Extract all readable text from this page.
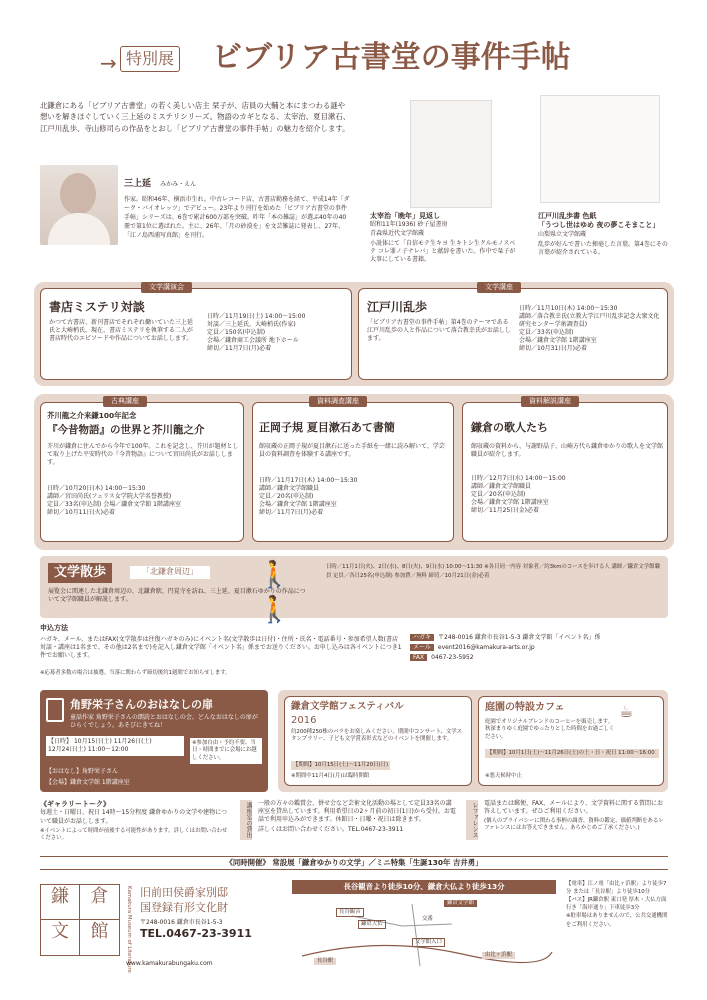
→ 特別展 ビブリア古書堂の事件手帖
北鎌倉にある「ビブリア古書堂」の若く美しい店主 栞子が、店員の大輔と本にまつわる謎や想いを解きほぐしていく三上延のミステリシリーズ。物語のカギとなる、太宰治、夏目漱石、江戸川乱歩、寺山修司らの作品をとおし「ビブリア古書堂の事件手帖」の魅力を紹介します。
三上延 みかみ・えん
作家。昭和46年、横浜市生れ。中古レコード店、古書店勤務を経て、平成14年「ダーク・バイオレッツ」でデビュー。23年より刊行を始めた「ビブリア古書堂の事件手帖」シリーズは、6巻で累計600万部を突破。昨年「本の雑誌」が選ぶ40年の40冊で第1位に選ばれた。主に、26年、「月の砂漠を」を文芸雑誌に発表し、27年、「江ノ島西浦写真館」を刊行。
太宰治「晩年」見返し
昭和11年(1936) 砂子屋書房
青森県近代文学館蔵
小説体にて「自信モテ生キヨ 生キトシ生クルモノスベテ コレ罪ノ子ナレバ」と献辞を書いた。作中で栞子が大事にしている書籍。
江戸川乱歩書 色紙
「うつし世はゆめ 夜の夢こそまこと」
山梨県立文学館蔵
乱歩が好んで書いた揮毫した言葉。第4巻にその言葉が紹介されている。
文学講演会
書店ミステリ対談
かつて古書店、新刊書店でそれぞれ働いていた三上延氏と大崎梢氏。現在、書店ミステリを執筆する二人が書店時代のエピソードや作品についてお話しします。
日時／11月19日(土) 14:00〜15:00
対談／三上延氏、大崎梢氏(作家)
定員／150名(申込制)
会場／鎌倉商工会議所 地下ホール
締切／11月7日(月)必着
文学講座
江戸川乱歩
「ビブリア古書堂の事件手帖」第4巻のテーマである江戸川乱歩の人と作品について落合教幸氏がお話しします。
日時／11月10日(木) 14:00〜15:30
講師／落合教幸氏(立教大学江戸川乱歩記念大衆文化研究センター学術調査員)
定員／33名(申込制)
会場／鎌倉文学館 1階講座室
締切／10月31日(月)必着
古典講座
芥川龍之介来鎌100年記念
『今昔物語』の世界と芥川龍之介
芥川が鎌倉に住んでから今年で100年。これを記念し、芥川が題材として取り上げた平安時代の『今昔物語』について宮田尚氏がお話しします。
日時／10月20日(木) 14:00〜15:30
講師／宮田尚氏(フェリス女学院大学名誉教授)
定員／33名(申込制) 会場／鎌倉文学館 1階講座室
締切／10月11日(火)必着
資料調査講座
正岡子規 夏目漱石あて書簡
館収蔵の正岡子規が夏目漱石に送った手紙を一緒に読み解いて、学芸員の資料調査を体験する講座です。
日時／11月17日(木) 14:00〜15:30
講師／鎌倉文学館職員
定員／20名(申込制)
会場／鎌倉文学館 1階講座室
締切／11月7日(月)必着
資料解説講座
鎌倉の歌人たち
館収蔵の資料から、与謝野晶子、山崎方代ら鎌倉ゆかりの歌人を文学館職員が紹介します。
日時／12月7日(水) 14:00〜15:00
講師／鎌倉文学館職員
定員／20名(申込制)
会場／鎌倉文学館 1階講座室
締切／11月25日(金)必着
文学散歩	「北鎌倉周辺」	🚶🚶
展覧会に関連した北鎌倉周辺の、北鎌倉駅、円覚寺を訪ね、三上延、夏目漱石ゆかりの作品について文学館職員が解説します。
日時／11月1日(火)、2日(水)、8日(火)、9日(水) 10:00〜11:30 ※各日同一内容 対象者／約3kmのコースを歩ける人 講師／鎌倉文学館職員 定員／各日25名(申込制) 参加費／無料 締切／10月21日(金)必着
申込方法
ハガキ、メール、またはFAX(文学散歩は往復ハガキのみ)にイベント名(文学散歩は日付)・住所・氏名・電話番号・参加希望人数(書店対談・講座は1名まで、その他は2名まで)を記入し鎌倉文学館「イベント名」係までお送りください。お申し込みは各イベントにつき1件でお願いします。
※応募者多数の場合は抽選。当落に関わらず締切後約1週間でお知らせします。
ハガキ 〒248-0016 鎌倉市長谷1-5-3 鎌倉文学館「イベント名」係
メール event2016@kamakura-arts.or.jp
FAX 0467-23-5952
角野栄子さんのおはなしの扉
童話作家 角野栄子さんの朗読とおはなしの会。どんなおはなしの扉がひらくでしょう。あそびにきてね！
【日時】 10月15日(土) 11月26日(土)
12月24日(土) 11:00〜12:00
※参加自由・予約不要、当日・時間までに会場にお越しください。
【おはなし】角野栄子さん
【会場】鎌倉文学館 1階講座室
鎌倉文学館フェスティバル
2016
約200種250株のバラをお楽しみください。期間中コンサート、文学スタンプラリー、子ども文学賞表彰式などのイベントを開催します。
【期間】10月15日(土)〜11月20日(日)
※期間中11月4日(月)は臨時開館
庭園の特設カフェ	☕
庭園でオリジナルブレンドのコーヒーを販売します。秋深まりゆく庭園でゆったりとした時間をお過ごしください。
【期間】10月1日(土)〜11月26日(土)の土・日・祝日 11:00〜16:00
※悪天候時中止
《ギャラリートーク》
毎週土・日曜日、祝日 14時〜15分程度 鎌倉ゆかりの文学や建物について職員がお話しします。
※イベントによって時間が前後する可能性があります。詳しくはお問い合わせください。	講座室の貸出 一般の方々の鑑賞会、併せ会など芸術文化活動の場として定員33名の講座室を貸出しています。利用希望日の2ヶ月前の初日(1日)から受付。お電話で利用申込みができます。休館日・日曜・祝日は除きます。
詳しくはお問い合わせください。TEL.0467-23-3911	レファレンス 電話または郵便、FAX、メールにより、文学資料に関する質問にお答えしています。ぜひご利用ください。
(個人のプライバシーに関わる事柄の調査、資料の鑑定、価値判断をあるレファレンスにはお答えできません。あらかじめご了承ください。)
《同時開催》 常設展「鎌倉ゆかりの文学」／ミニ特集「生誕130年 吉井勇」
鎌	倉
文	館	Kamakura Museum of Literature 旧前田侯爵家別邸
国登録有形文化財
〒248-0016 鎌倉市長谷1-5-3
TEL.0467-23-3911
www.kamakurabungaku.com
長谷観音より徒歩10分、鎌倉大仏より徒歩13分
長谷観音
長谷駅
鎌倉大仏
鎌倉文学館
由比ヶ浜駅
文学館入口
交番
【電車】江ノ電「由比ヶ浜駅」より徒歩7分 または「長谷駅」より徒歩10分
【バス】JR鎌倉駅 東口発 厚木・大仏方面行き「海岸通り」下車徒歩3分
※駐車場はありませんので、公共交通機関をご利用ください。
